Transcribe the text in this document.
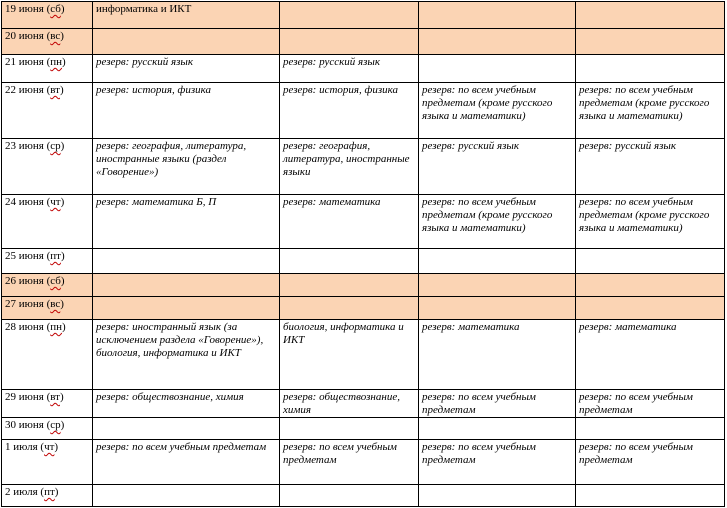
19 июня (сб)	информатика и ИКТ			
20 июня (вс)				
21 июня (пн)	резерв: русский язык	резерв: русский язык		
22 июня (вт)	резерв: история, физика	резерв: история, физика	резерв: по всем учебным предметам (кроме русского языка и математики)	резерв: по всем учебным предметам (кроме русского языка и математики)
23 июня (ср)	резерв: география, литература, иностранные языки (раздел «Говорение»)	резерв: география, литература, иностранные языки	резерв: русский язык	резерв: русский язык
24 июня (чт)	резерв: математика Б, П	резерв: математика	резерв: по всем учебным предметам (кроме русского языка и математики)	резерв: по всем учебным предметам (кроме русского языка и математики)
25 июня (пт)				
26 июня (сб)				
27 июня (вс)				
28 июня (пн)	резерв: иностранный язык (за исключением раздела «Говорение»), биология, информатика и ИКТ	биология, информатика и ИКТ	резерв: математика	резерв: математика
29 июня (вт)	резерв: обществознание, химия	резерв: обществознание, химия	резерв: по всем учебным предметам	резерв: по всем учебным предметам
30 июня (ср)				
1 июля (чт)	резерв: по всем учебным предметам	резерв: по всем учебным предметам	резерв: по всем учебным предметам	резерв: по всем учебным предметам
2 июля (пт)				
